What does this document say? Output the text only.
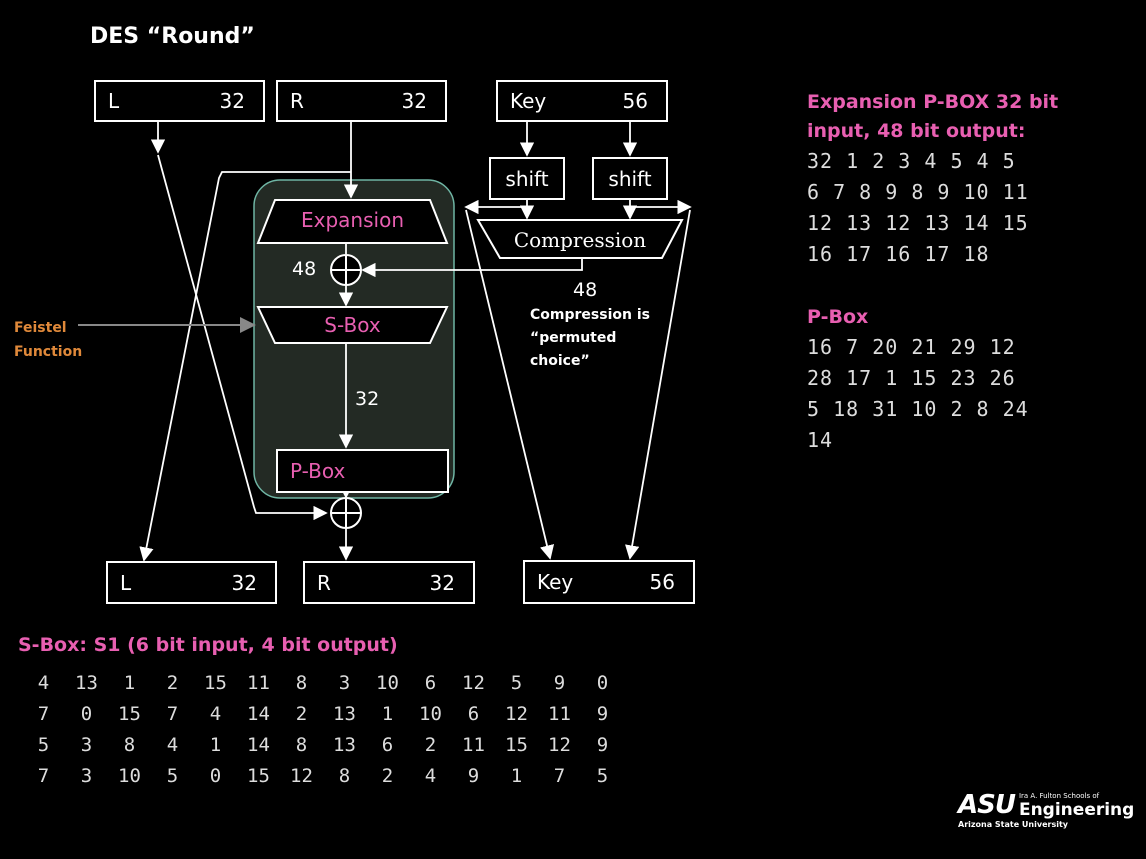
DES “Round”
L	32 R	32	Key	56
shift	shift
Expansion
S-Box
Compression
P-Box
48
48
32
Compression is
“permuted
choice”
Feistel
Function
L	32	R	32	Key	56
Expansion P-BOX 32 bit
input, 48 bit output:
32 1 2 3 4 5 4 5
6 7 8 9 8 9 10 11
12 13 12 13 14 15
16 17 16 17 18
P-Box
16 7 20 21 29 12
28 17 1 15 23 26
5 18 31 10 2 8 24
14
S-Box: S1 (6 bit input, 4 bit output)
4	13	1	2	15	11	8	3	10	6	12	5	9	0
7	0	15	7	4	14	2	13	1	10	6	12	11	9
5	3	8	4	1	14	8	13	6	2	11	15	12	9
7	3	10	5	0	15	12	8	2	4	9	1	7	5
ASU Ira A. Fulton Schools of
Engineering
Arizona State University
